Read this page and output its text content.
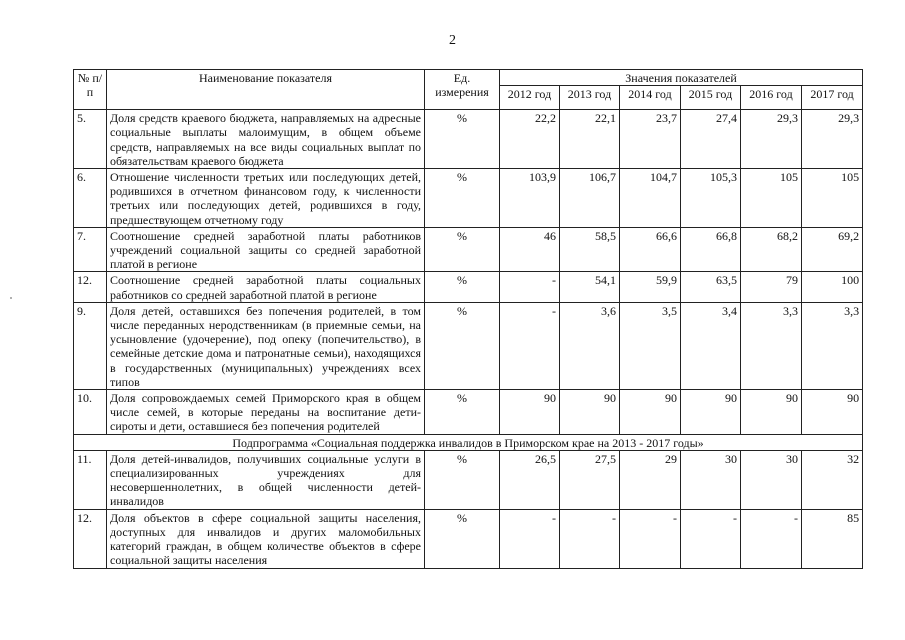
2
№ п/п	Наименование показателя	Ед. измерения	Значения показателей					
			2012 год	2013 год	2014 год	2015 год	2016 год	2017 год
5.	Доля средств краевого бюджета, направляемых на адресные социальные выплаты малоимущим, в общем объеме средств, направляемых на все виды социальных выплат по обязательствам краевого бюджета	%	22,2	22,1	23,7	27,4	29,3	29,3
6.	Отношение численности третьих или последующих детей, родившихся в отчетном финансовом году, к численности третьих или последующих детей, родившихся в году, предшествующем отчетному году	%	103,9	106,7	104,7	105,3	105	105
7.	Соотношение средней заработной платы работников учреждений социальной защиты со средней заработной платой в регионе	%	46	58,5	66,6	66,8	68,2	69,2
12.	Соотношение средней заработной платы социальных работников со средней заработной платой в регионе	%	-	54,1	59,9	63,5	79	100
9.	Доля детей, оставшихся без попечения родителей, в том числе переданных неродственникам (в приемные семьи, на усыновление (удочерение), под опеку (попечительство), в семейные детские дома и патронатные семьи), находящихся в государственных (муниципальных) учреждениях всех типов	%	-	3,6	3,5	3,4	3,3	3,3
10.	Доля сопровождаемых семей Приморского края в общем числе семей, в которые переданы на воспитание дети-сироты и дети, оставшиеся без попечения родителей	%	90	90	90	90	90	90
Подпрограмма «Социальная поддержка инвалидов в Приморском крае на 2013 - 2017 годы»								
11.	Доля детей-инвалидов, получивших социальные услуги в специализированных учреждениях для несовершеннолетних, в общей численности детей-инвалидов	%	26,5	27,5	29	30	30	32
12.	Доля объектов в сфере социальной защиты населения, доступных для инвалидов и других маломобильных категорий граждан, в общем количестве объектов в сфере социальной защиты населения	%	-	-	-	-	-	85
